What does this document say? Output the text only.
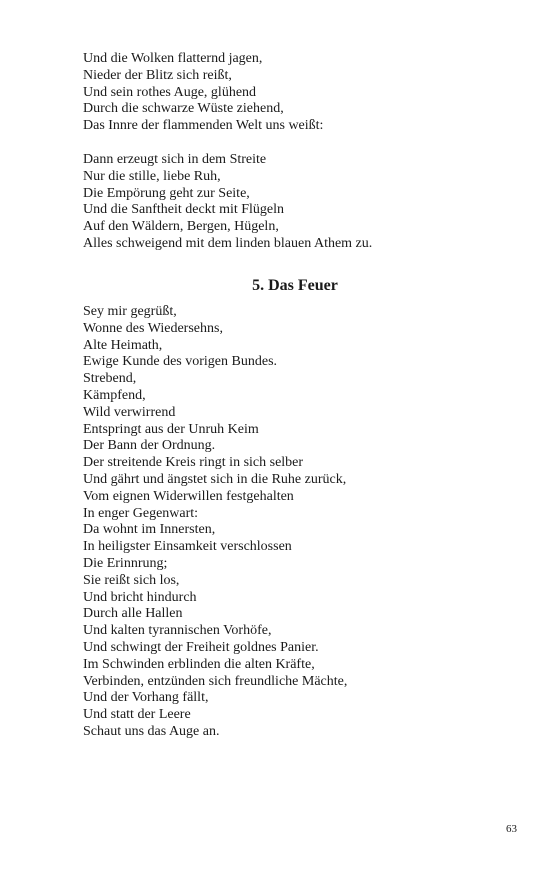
Und die Wolken flatternd jagen,
Nieder der Blitz sich reißt,
Und sein rothes Auge, glühend
Durch die schwarze Wüste ziehend,
Das Innre der flammenden Welt uns weißt:
Dann erzeugt sich in dem Streite
Nur die stille, liebe Ruh,
Die Empörung geht zur Seite,
Und die Sanftheit deckt mit Flügeln
Auf den Wäldern, Bergen, Hügeln,
Alles schweigend mit dem linden blauen Athem zu.
5. Das Feuer
Sey mir gegrüßt,
Wonne des Wiedersehns,
Alte Heimath,
Ewige Kunde des vorigen Bundes.
Strebend,
Kämpfend,
Wild verwirrend
Entspringt aus der Unruh Keim
Der Bann der Ordnung.
Der streitende Kreis ringt in sich selber
Und gährt und ängstet sich in die Ruhe zurück,
Vom eignen Widerwillen festgehalten
In enger Gegenwart:
Da wohnt im Innersten,
In heiligster Einsamkeit verschlossen
Die Erinnrung;
Sie reißt sich los,
Und bricht hindurch
Durch alle Hallen
Und kalten tyrannischen Vorhöfe,
Und schwingt der Freiheit goldnes Panier.
Im Schwinden erblinden die alten Kräfte,
Verbinden, entzünden sich freundliche Mächte,
Und der Vorhang fällt,
Und statt der Leere
Schaut uns das Auge an.
63
